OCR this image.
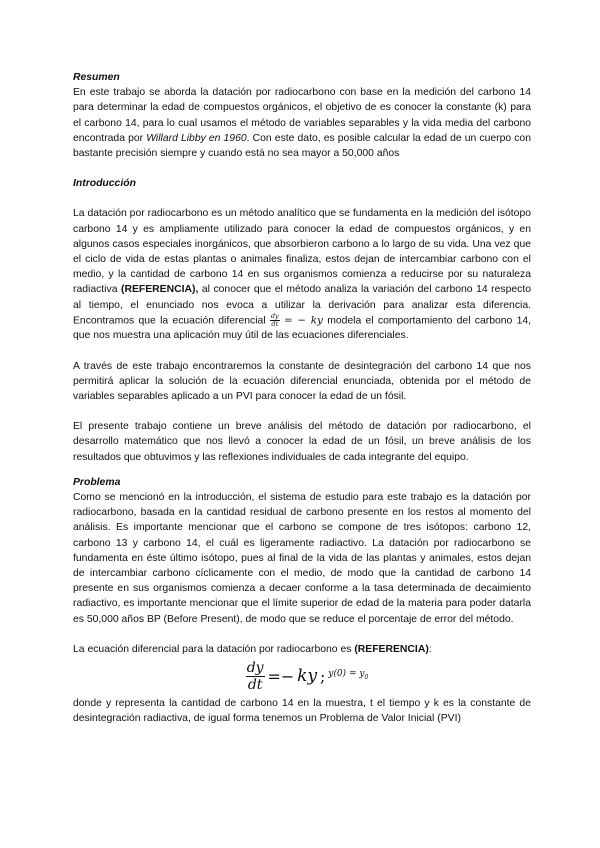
Resumen

En este trabajo se aborda la datación por radiocarbono con base en la medición del carbono 14 para determinar la edad de compuestos orgánicos, el objetivo de es conocer la constante (k) para el carbono 14, para lo cual usamos el método de variables separables y la vida media del carbono encontrada por Willard Libby en 1960. Con este dato, es posible calcular la edad de un cuerpo con bastante precisión siempre y cuando está no sea mayor a 50,000 años

Introducción

La datación por radiocarbono es un método analítico que se fundamenta en la medición del isótopo carbono 14 y es ampliamente utilizado para conocer la edad de compuestos orgánicos, y en algunos casos especiales inorgánicos, que absorbieron carbono a lo largo de su vida. Una vez que el ciclo de vida de estas plantas o animales finaliza, estos dejan de intercambiar carbono con el medio, y la cantidad de carbono 14 en sus organismos comienza a reducirse por su naturaleza radiactiva (REFERENCIA), al conocer que el método analiza la variación del carbono 14 respecto al tiempo, el enunciado nos evoca a utilizar la derivación para analizar esta diferencia. Encontramos que la ecuación diferencial $\frac{dy}{dt}$ = − ky modela el comportamiento del carbono 14, que nos muestra una aplicación muy útil de las ecuaciones diferenciales.

A través de este trabajo encontraremos la constante de desintegración del carbono 14 que nos permitirá aplicar la solución de la ecuación diferencial enunciada, obtenida por el método de variables separables aplicado a un PVI para conocer la edad de un fósil.

El presente trabajo contiene un breve análisis del método de datación por radiocarbono, el desarrollo matemático que nos llevó a conocer la edad de un fósil, un breve análisis de los resultados que obtuvimos y las reflexiones individuales de cada integrante del equipo.

Problema

Como se mencionó en la introducción, el sistema de estudio para este trabajo es la datación por radiocarbono, basada en la cantidad residual de carbono presente en los restos al momento del análisis. Es importante mencionar que el carbono se compone de tres isótopos: carbono 12, carbono 13 y carbono 14, el cuál es ligeramente radiactivo. La datación por radiocarbono se fundamenta en éste último isótopo, pues al final de la vida de las plantas y animales, estos dejan de intercambiar carbono cíclicamente con el medio, de modo que la cantidad de carbono 14 presente en sus organismos comienza a decaer conforme a la tasa determinada de decaimiento radiactivo, es importante mencionar que el límite superior de edad de la materia para poder datarla es 50,000 años BP (Before Present), de modo que se reduce el porcentaje de error del método.

La ecuación diferencial para la datación por radiocarbono es (REFERENCIA):

$\frac{dy}{dt}$ =− ky ; $y(0) = y_0$

donde y representa la cantidad de carbono 14 en la muestra, t el tiempo y k es la constante de desintegración radiactiva, de igual forma tenemos un Problema de Valor Inicial (PVI)
